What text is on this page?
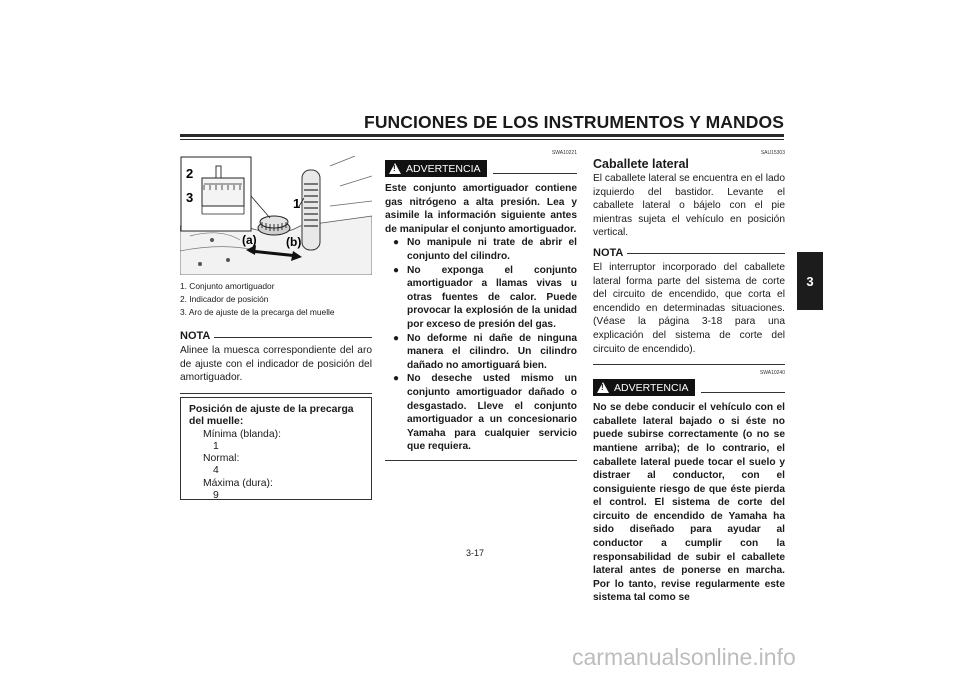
FUNCIONES DE LOS INSTRUMENTOS Y MANDOS
3
2
3	1
(a) (b)
1. Conjunto amortiguador
2. Indicador de posición
3. Aro de ajuste de la precarga del muelle
NOTA
Alinee la muesca correspondiente del aro de ajuste con el indicador de posición del amortiguador.
Posición de ajuste de la precarga del muelle:
Mínima (blanda):
1
Normal:
4
Máxima (dura):
9
SWA10221
!
ADVERTENCIA
Este conjunto amortiguador contiene gas nitrógeno a alta presión. Lea y asimile la información siguiente antes de manipular el conjunto amortiguador.
● No manipule ni trate de abrir el conjunto del cilindro.
● No exponga el conjunto amortiguador a llamas vivas u otras fuentes de calor. Puede provocar la explosión de la unidad por exceso de presión del gas.
● No deforme ni dañe de ninguna manera el cilindro. Un cilindro dañado no amortiguará bien.
● No deseche usted mismo un conjunto amortiguador dañado o desgastado. Lleve el conjunto amortiguador a un concesionario Yamaha para cualquier servicio que requiera.
SAU15303
Caballete lateral
El caballete lateral se encuentra en el lado izquierdo del bastidor. Levante el caballete lateral o bájelo con el pie mientras sujeta el vehículo en posición vertical.
NOTA
El interruptor incorporado del caballete lateral forma parte del sistema de corte del circuito de encendido, que corta el encendido en determinadas situaciones. (Véase la página 3-18 para una explicación del sistema de corte del circuito de encendido).
SWA10240
!
ADVERTENCIA
No se debe conducir el vehículo con el caballete lateral bajado o si éste no puede subirse correctamente (o no se mantiene arriba); de lo contrario, el caballete lateral puede tocar el suelo y distraer al conductor, con el consiguiente riesgo de que éste pierda el control. El sistema de corte del circuito de encendido de Yamaha ha sido diseñado para ayudar al conductor a cumplir con la responsabilidad de subir el caballete lateral antes de ponerse en marcha. Por lo tanto, revise regularmente este sistema tal como se
3-17
carmanualsonline.info
